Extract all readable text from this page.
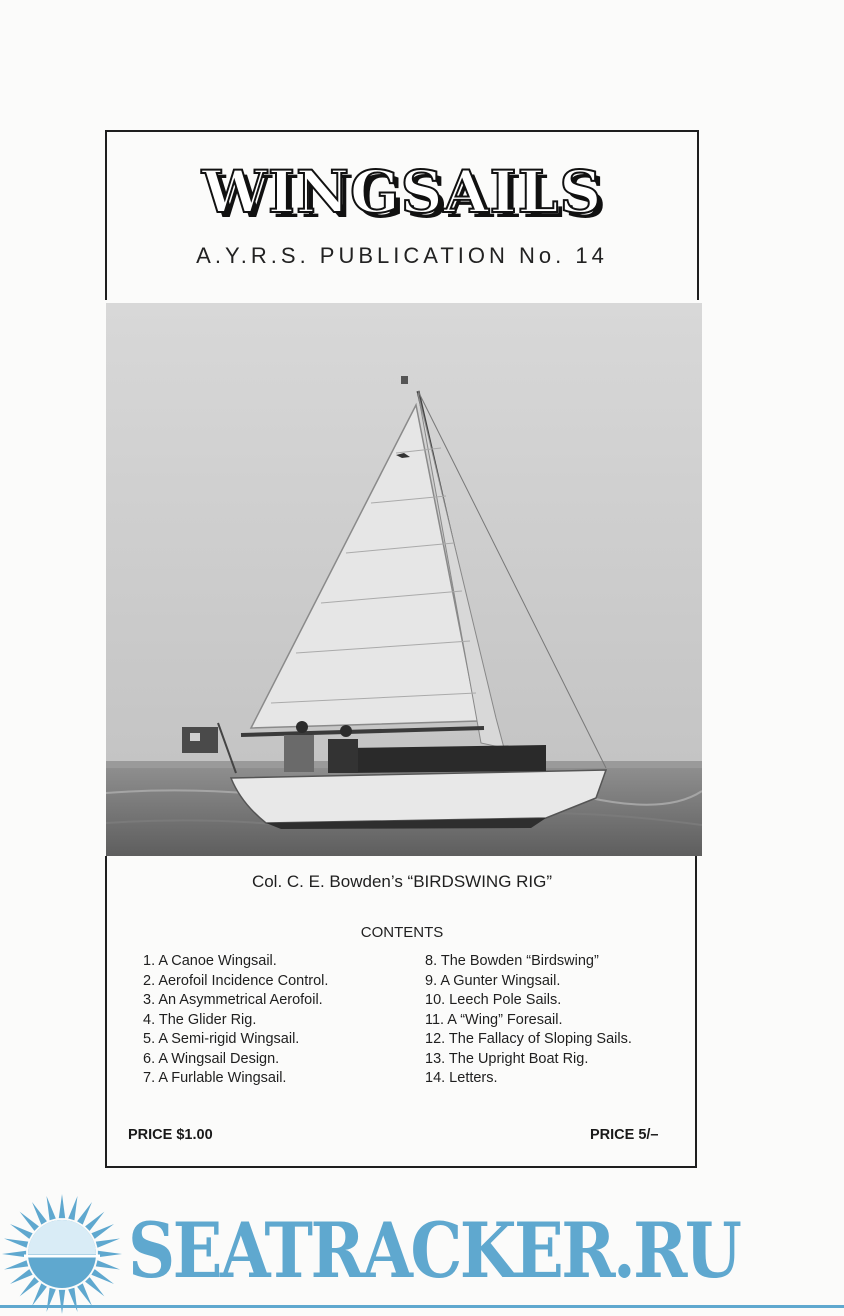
WINGSAILS
A.Y.R.S. PUBLICATION No. 14
Col. C. E. Bowden’s “BIRDSWING RIG”
CONTENTS
1. A Canoe Wingsail.
2. Aerofoil Incidence Control.
3. An Asymmetrical Aerofoil.
4. The Glider Rig.
5. A Semi-rigid Wingsail.
6. A Wingsail Design.
7. A Furlable Wingsail.
8. The Bowden “Birdswing”
9. A Gunter Wingsail.
10. Leech Pole Sails.
11. A “Wing” Foresail.
12. The Fallacy of Sloping Sails.
13. The Upright Boat Rig.
14. Letters.
PRICE $1.00	PRICE 5/–
SEATRACKER.RU
